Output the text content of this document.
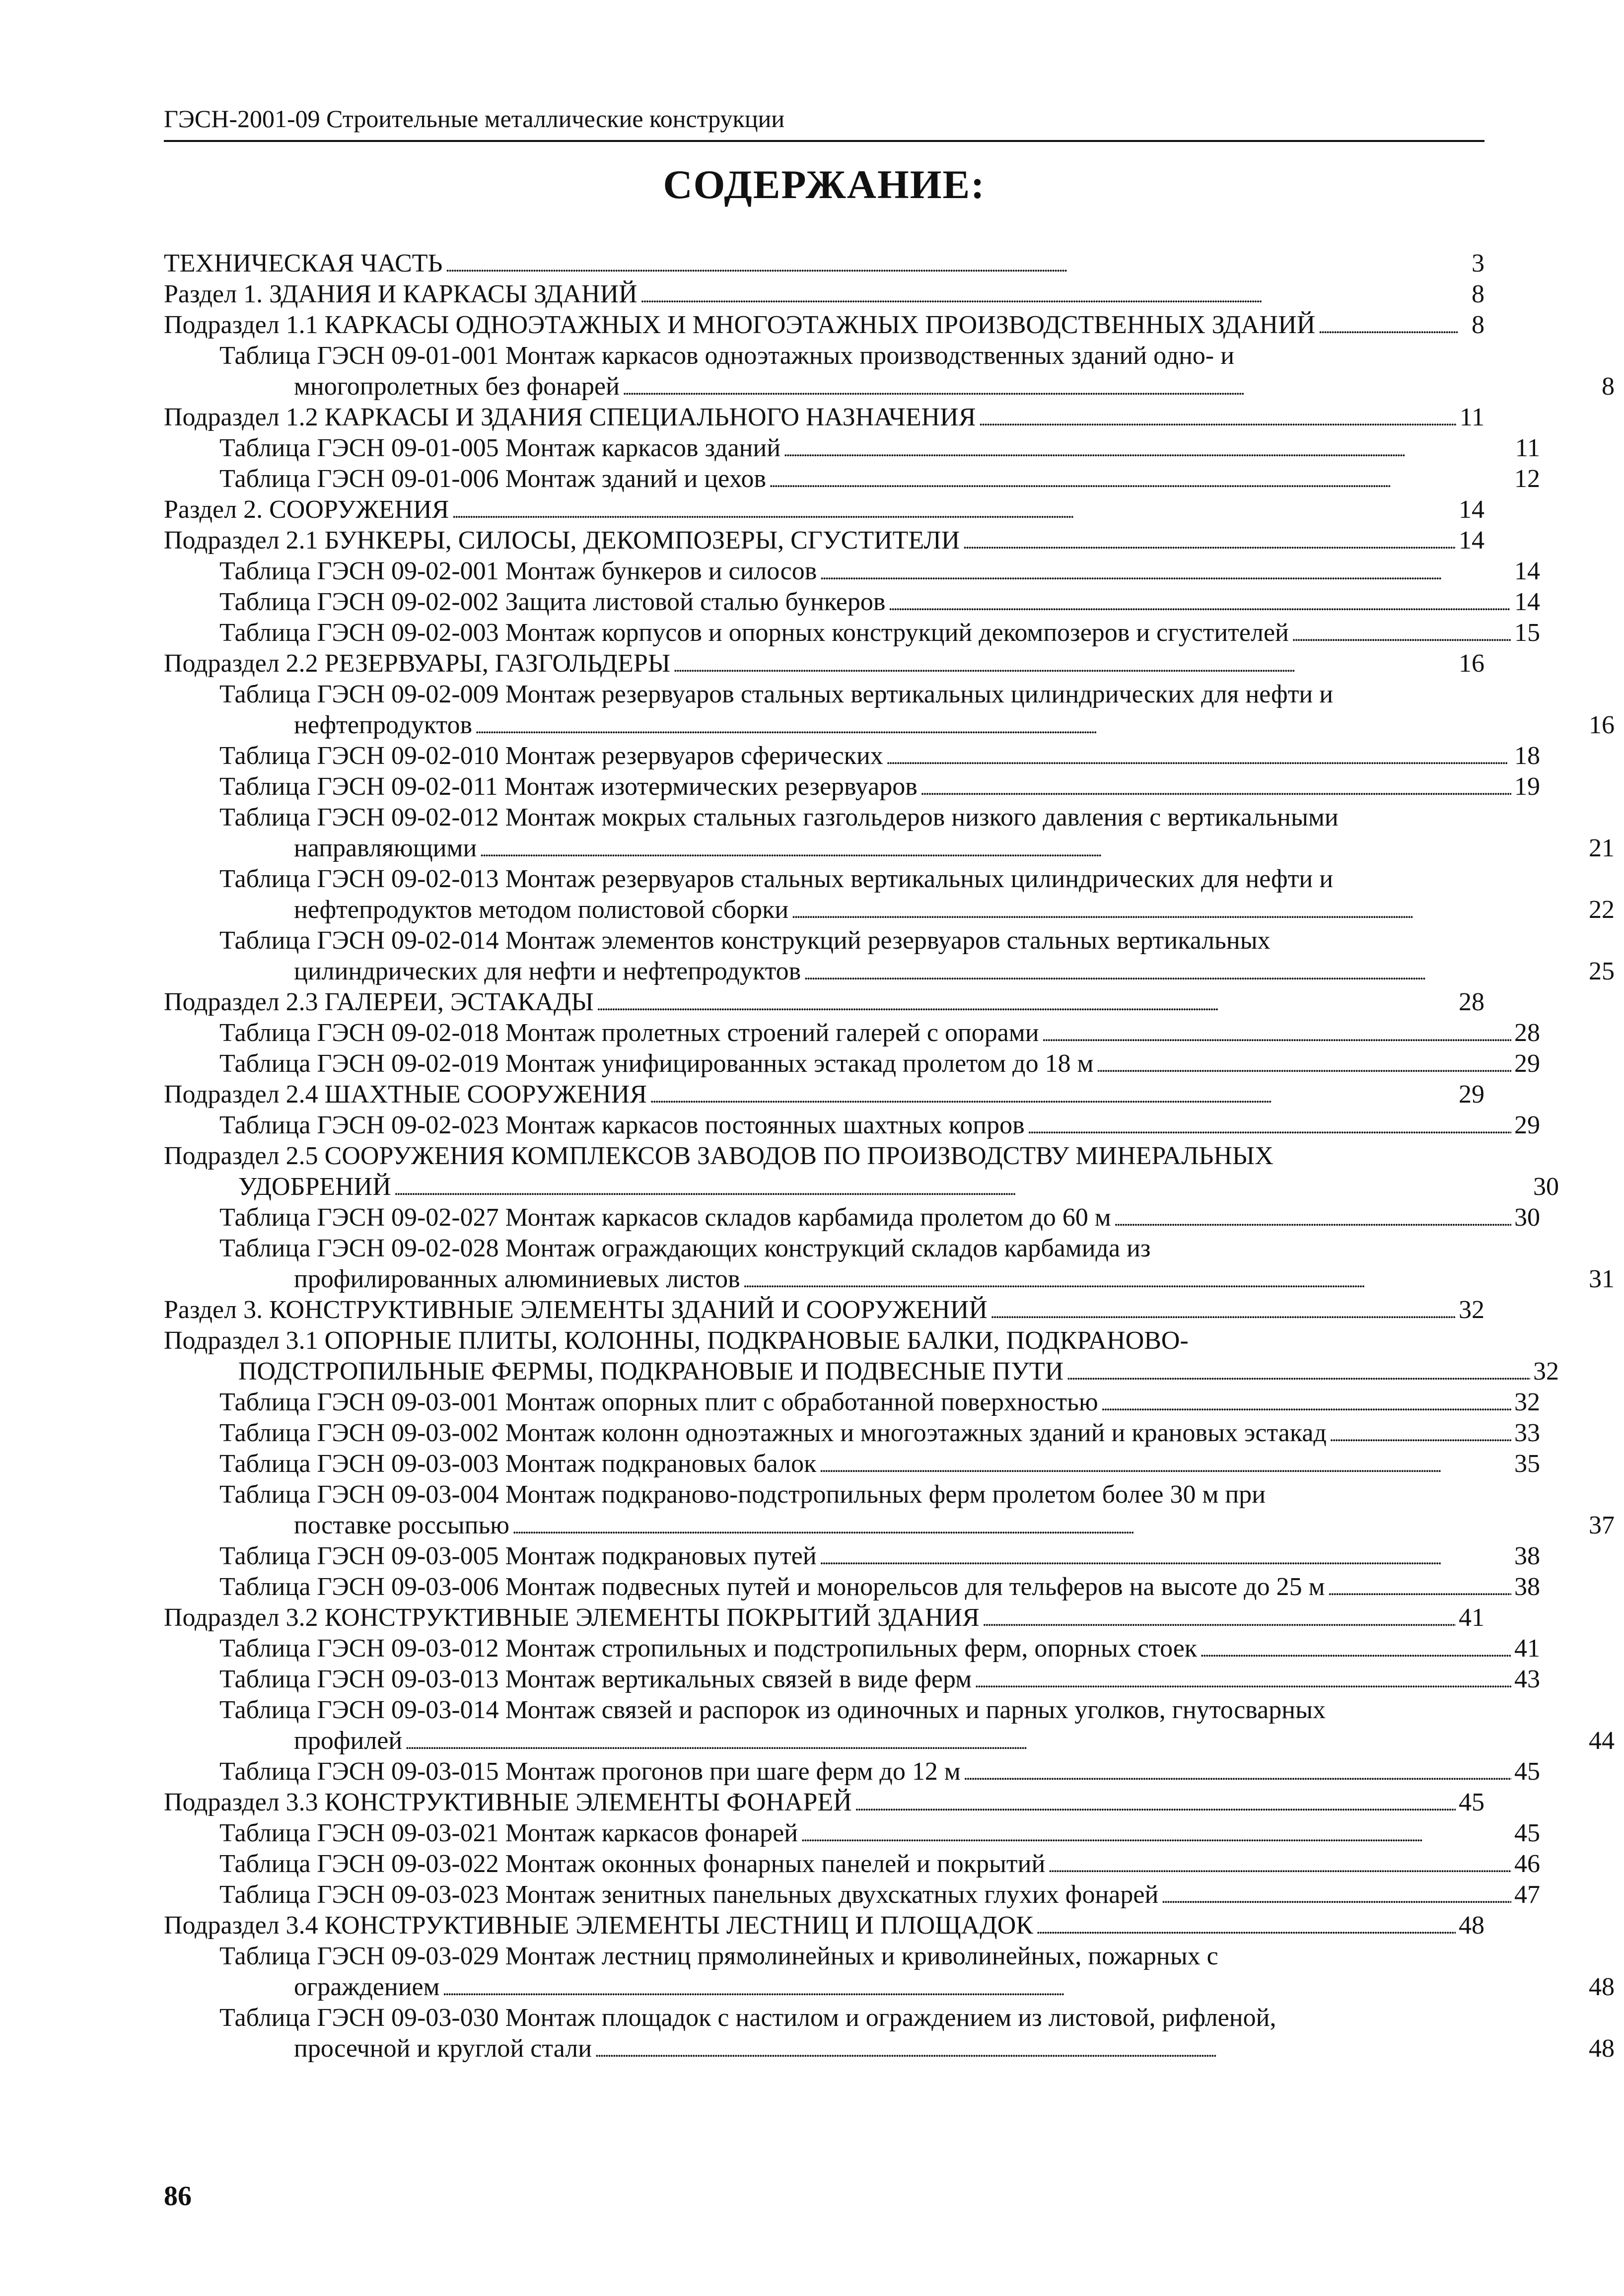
ГЭСН-2001-09 Строительные металлические конструкции
СОДЕРЖАНИЕ:
ТЕХНИЧЕСКАЯ ЧАСТЬ . . .	3
Раздел 1. ЗДАНИЯ И КАРКАСЫ ЗДАНИЙ . . .	8
Подраздел 1.1 КАРКАСЫ ОДНОЭТАЖНЫХ И МНОГОЭТАЖНЫХ ПРОИЗВОДСТВЕННЫХ ЗДАНИЙ . . .	8
Таблица ГЭСН 09-01-001 Монтаж каркасов одноэтажных производственных зданий одно- и
многопролетных без фонарей . . .	8
Подраздел 1.2 КАРКАСЫ И ЗДАНИЯ СПЕЦИАЛЬНОГО НАЗНАЧЕНИЯ . . .	11
Таблица ГЭСН 09-01-005 Монтаж каркасов зданий . . .	11
Таблица ГЭСН 09-01-006 Монтаж зданий и цехов . . .	12
Раздел 2. СООРУЖЕНИЯ . . .	14
Подраздел 2.1 БУНКЕРЫ, СИЛОСЫ, ДЕКОМПОЗЕРЫ, СГУСТИТЕЛИ . . .	14
Таблица ГЭСН 09-02-001 Монтаж бункеров и силосов . . .	14
Таблица ГЭСН 09-02-002 Защита листовой сталью бункеров . . .	14
Таблица ГЭСН 09-02-003 Монтаж корпусов и опорных конструкций декомпозеров и сгустителей . . .	15
Подраздел 2.2 РЕЗЕРВУАРЫ, ГАЗГОЛЬДЕРЫ . . .	16
Таблица ГЭСН 09-02-009 Монтаж резервуаров стальных вертикальных цилиндрических для нефти и
нефтепродуктов . . .	16
Таблица ГЭСН 09-02-010 Монтаж резервуаров сферических . . .	18
Таблица ГЭСН 09-02-011 Монтаж изотермических резервуаров . . .	19
Таблица ГЭСН 09-02-012 Монтаж мокрых стальных газгольдеров низкого давления с вертикальными
направляющими . . .	21
Таблица ГЭСН 09-02-013 Монтаж резервуаров стальных вертикальных цилиндрических для нефти и
нефтепродуктов методом полистовой сборки . . .	22
Таблица ГЭСН 09-02-014 Монтаж элементов конструкций резервуаров стальных вертикальных
цилиндрических для нефти и нефтепродуктов . . .	25
Подраздел 2.3 ГАЛЕРЕИ, ЭСТАКАДЫ . . .	28
Таблица ГЭСН 09-02-018 Монтаж пролетных строений галерей с опорами . . .	28
Таблица ГЭСН 09-02-019 Монтаж унифицированных эстакад пролетом до 18 м . . .	29
Подраздел 2.4 ШАХТНЫЕ СООРУЖЕНИЯ . . .	29
Таблица ГЭСН 09-02-023 Монтаж каркасов постоянных шахтных копров . . .	29
Подраздел 2.5 СООРУЖЕНИЯ КОМПЛЕКСОВ ЗАВОДОВ ПО ПРОИЗВОДСТВУ МИНЕРАЛЬНЫХ
УДОБРЕНИЙ . . .	30
Таблица ГЭСН 09-02-027 Монтаж каркасов складов карбамида пролетом до 60 м . . .	30
Таблица ГЭСН 09-02-028 Монтаж ограждающих конструкций складов карбамида из
профилированных алюминиевых листов . . .	31
Раздел 3. КОНСТРУКТИВНЫЕ ЭЛЕМЕНТЫ ЗДАНИЙ И СООРУЖЕНИЙ . . .	32
Подраздел 3.1 ОПОРНЫЕ ПЛИТЫ, КОЛОННЫ, ПОДКРАНОВЫЕ БАЛКИ, ПОДКРАНОВО-
ПОДСТРОПИЛЬНЫЕ ФЕРМЫ, ПОДКРАНОВЫЕ И ПОДВЕСНЫЕ ПУТИ . . .	32
Таблица ГЭСН 09-03-001 Монтаж опорных плит с обработанной поверхностью . . .	32
Таблица ГЭСН 09-03-002 Монтаж колонн одноэтажных и многоэтажных зданий и крановых эстакад . . .	33
Таблица ГЭСН 09-03-003 Монтаж подкрановых балок . . .	35
Таблица ГЭСН 09-03-004 Монтаж подкраново-подстропильных ферм пролетом более 30 м при
поставке россыпью . . .	37
Таблица ГЭСН 09-03-005 Монтаж подкрановых путей . . .	38
Таблица ГЭСН 09-03-006 Монтаж подвесных путей и монорельсов для тельферов на высоте до 25 м . . .	38
Подраздел 3.2 КОНСТРУКТИВНЫЕ ЭЛЕМЕНТЫ ПОКРЫТИЙ ЗДАНИЯ . . .	41
Таблица ГЭСН 09-03-012 Монтаж стропильных и подстропильных ферм, опорных стоек . . .	41
Таблица ГЭСН 09-03-013 Монтаж вертикальных связей в виде ферм . . .	43
Таблица ГЭСН 09-03-014 Монтаж связей и распорок из одиночных и парных уголков, гнутосварных
профилей . . .	44
Таблица ГЭСН 09-03-015 Монтаж прогонов при шаге ферм до 12 м . . .	45
Подраздел 3.3 КОНСТРУКТИВНЫЕ ЭЛЕМЕНТЫ ФОНАРЕЙ . . .	45
Таблица ГЭСН 09-03-021 Монтаж каркасов фонарей . . .	45
Таблица ГЭСН 09-03-022 Монтаж оконных фонарных панелей и покрытий . . .	46
Таблица ГЭСН 09-03-023 Монтаж зенитных панельных двухскатных глухих фонарей . . .	47
Подраздел 3.4 КОНСТРУКТИВНЫЕ ЭЛЕМЕНТЫ ЛЕСТНИЦ И ПЛОЩАДОК . . .	48
Таблица ГЭСН 09-03-029 Монтаж лестниц прямолинейных и криволинейных, пожарных с
ограждением . . .	48
Таблица ГЭСН 09-03-030 Монтаж площадок с настилом и ограждением из листовой, рифленой,
просечной и круглой стали . . .	48
86
